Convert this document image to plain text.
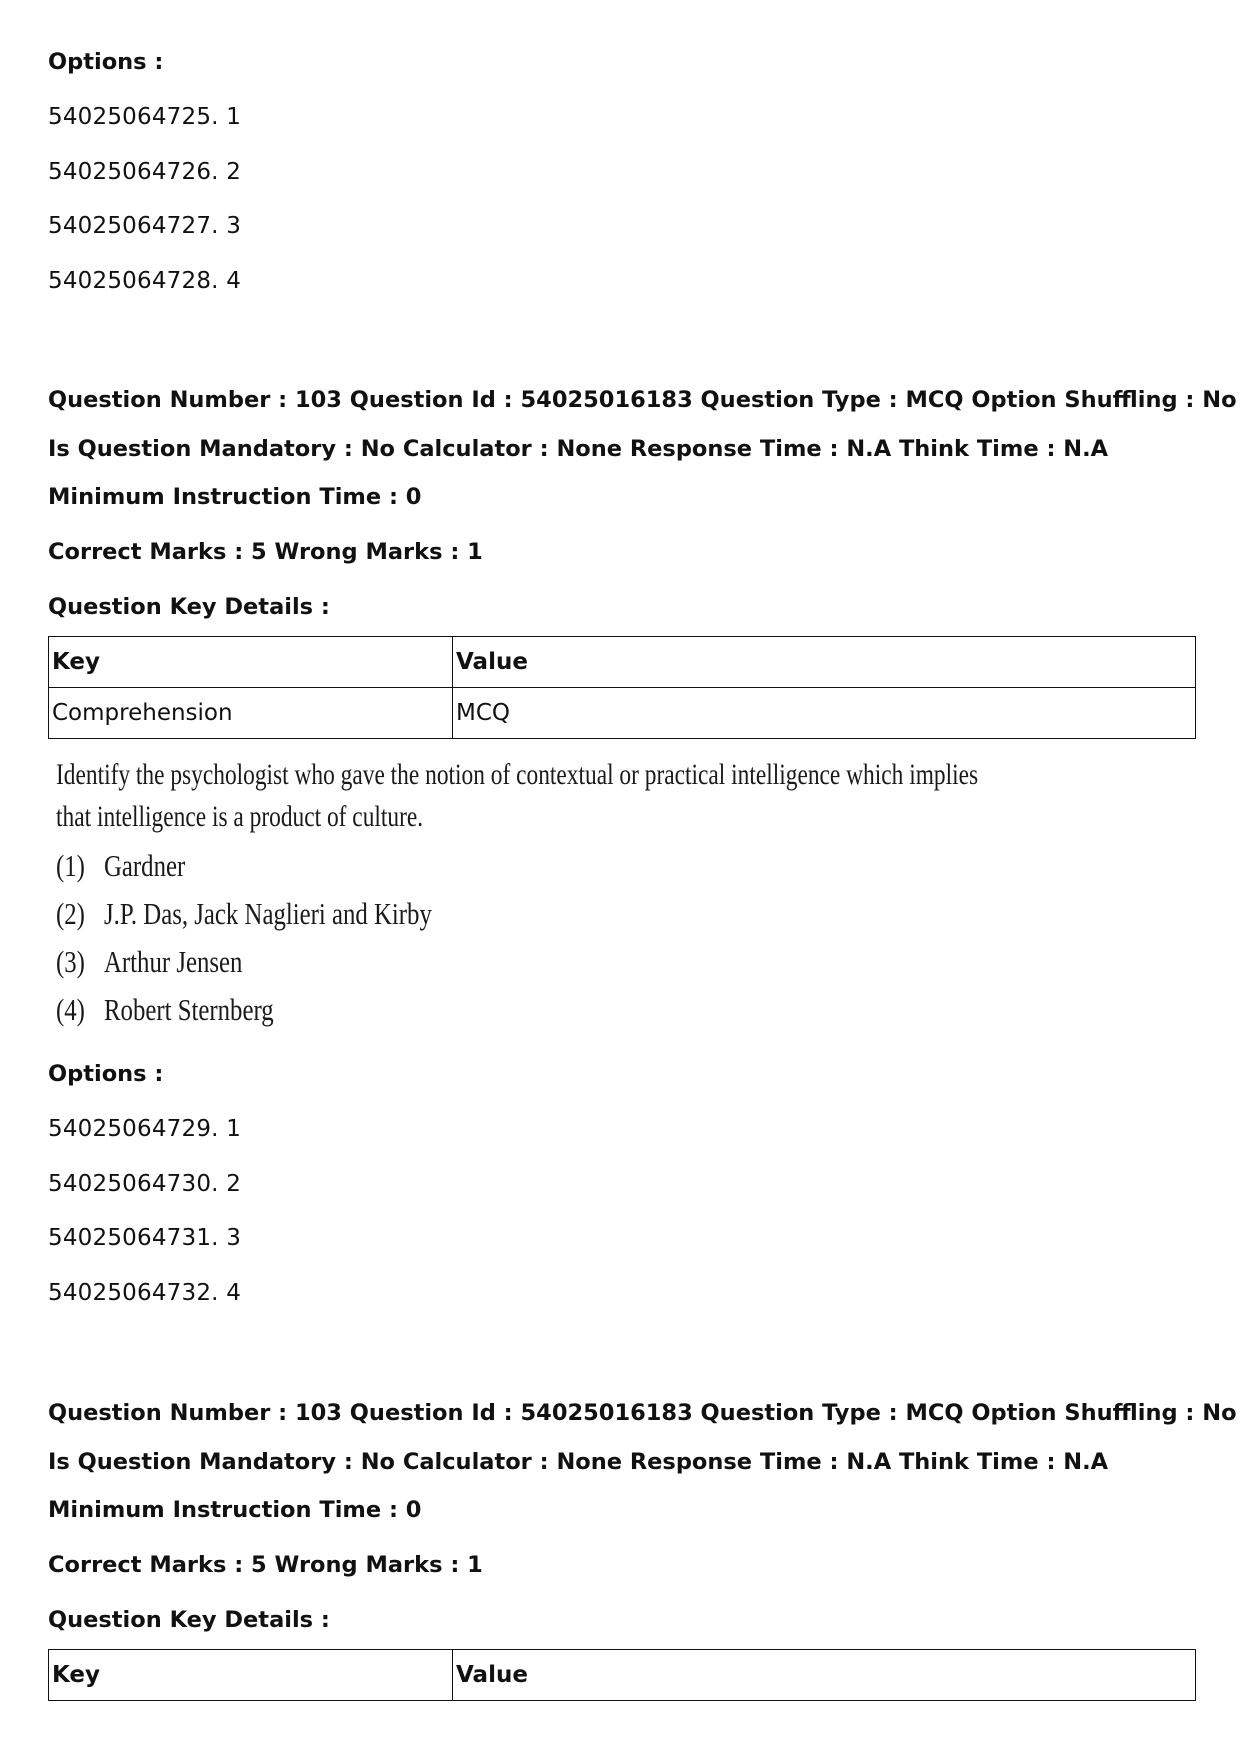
Options :
54025064725. 1
54025064726. 2
54025064727. 3
54025064728. 4
Question Number : 103 Question Id : 54025016183 Question Type : MCQ Option Shuffling : No
Is Question Mandatory : No Calculator : None Response Time : N.A Think Time : N.A
Minimum Instruction Time : 0
Correct Marks : 5 Wrong Marks : 1
Question Key Details :
Key	Value
Comprehension	MCQ
Identify the psychologist who gave the notion of contextual or practical intelligence which implies
that intelligence is a product of culture.
(1) Gardner
(2) J.P. Das, Jack Naglieri and Kirby
(3) Arthur Jensen
(4) Robert Sternberg
Options :
54025064729. 1
54025064730. 2
54025064731. 3
54025064732. 4
Question Number : 103 Question Id : 54025016183 Question Type : MCQ Option Shuffling : No
Is Question Mandatory : No Calculator : None Response Time : N.A Think Time : N.A
Minimum Instruction Time : 0
Correct Marks : 5 Wrong Marks : 1
Question Key Details :
Key	Value
